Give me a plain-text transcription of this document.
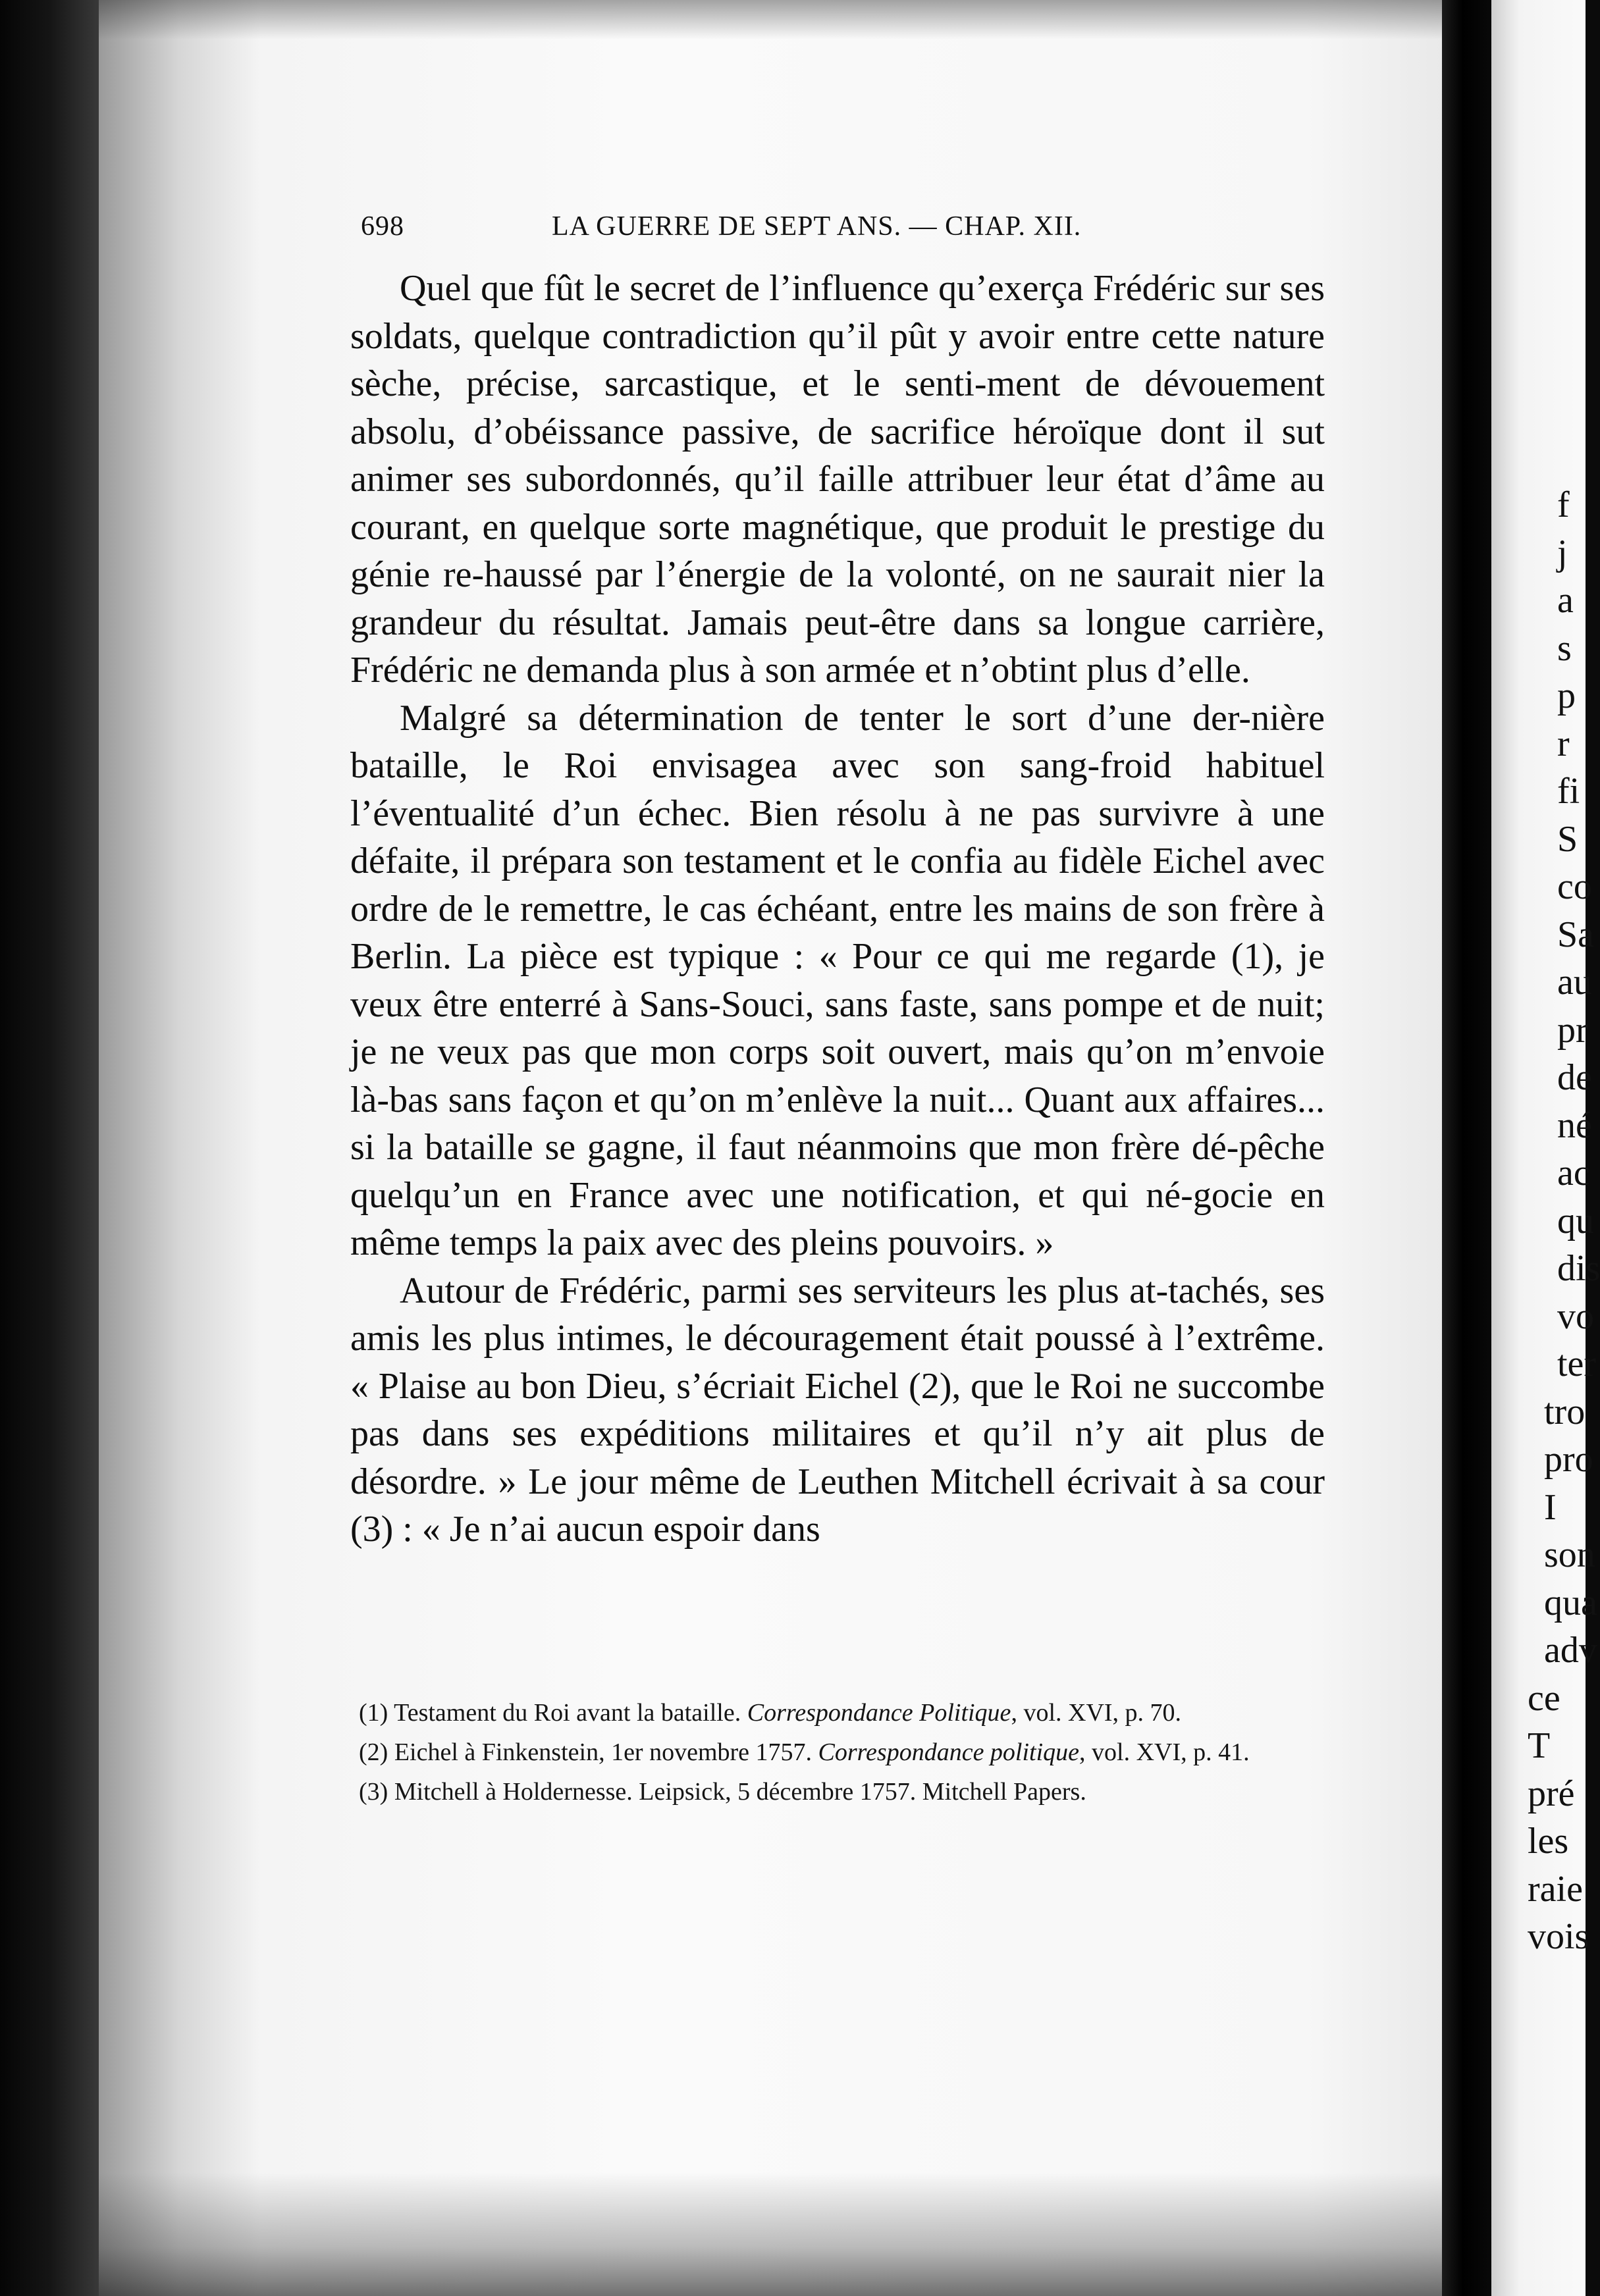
698	LA GUERRE DE SEPT ANS. — CHAP. XII.

Quel que fût le secret de l’influence qu’exerça Frédéric sur ses soldats, quelque contradiction qu’il pût y avoir entre cette nature sèche, précise, sarcastique, et le senti-ment de dévouement absolu, d’obéissance passive, de sacrifice héroïque dont il sut animer ses subordonnés, qu’il faille attribuer leur état d’âme au courant, en quelque sorte magnétique, que produit le prestige du génie re-haussé par l’énergie de la volonté, on ne saurait nier la grandeur du résultat. Jamais peut-être dans sa longue carrière, Frédéric ne demanda plus à son armée et n’obtint plus d’elle.

Malgré sa détermination de tenter le sort d’une der-nière bataille, le Roi envisagea avec son sang-froid habituel l’éventualité d’un échec. Bien résolu à ne pas survivre à une défaite, il prépara son testament et le confia au fidèle Eichel avec ordre de le remettre, le cas échéant, entre les mains de son frère à Berlin. La pièce est typique : « Pour ce qui me regarde (1), je veux être enterré à Sans-Souci, sans faste, sans pompe et de nuit; je ne veux pas que mon corps soit ouvert, mais qu’on m’envoie là-bas sans façon et qu’on m’enlève la nuit... Quant aux affaires... si la bataille se gagne, il faut néanmoins que mon frère dé-pêche quelqu’un en France avec une notification, et qui né-gocie en même temps la paix avec des pleins pouvoirs. »

Autour de Frédéric, parmi ses serviteurs les plus at-tachés, ses amis les plus intimes, le découragement était poussé à l’extrême. « Plaise au bon Dieu, s’écriait Eichel (2), que le Roi ne succombe pas dans ses expéditions militaires et qu’il n’y ait plus de désordre. » Le jour même de Leuthen Mitchell écrivait à sa cour (3) : « Je n’ai aucun espoir dans

(1) Testament du Roi avant la bataille. Correspondance Politique, vol. XVI, p. 70.

(2) Eichel à Finkenstein, 1er novembre 1757. Correspondance politique, vol. XVI, p. 41.

(3) Mitchell à Holdernesse. Leipsick, 5 décembre 1757. Mitchell Papers.

f
j
a
s
p
r
fi
S
co
Sa
au
pr
de
né
ac
qu
dis
vo
ter
tro
pro
I
son
qua
adv
ce
T
pré
les
raie
vois
